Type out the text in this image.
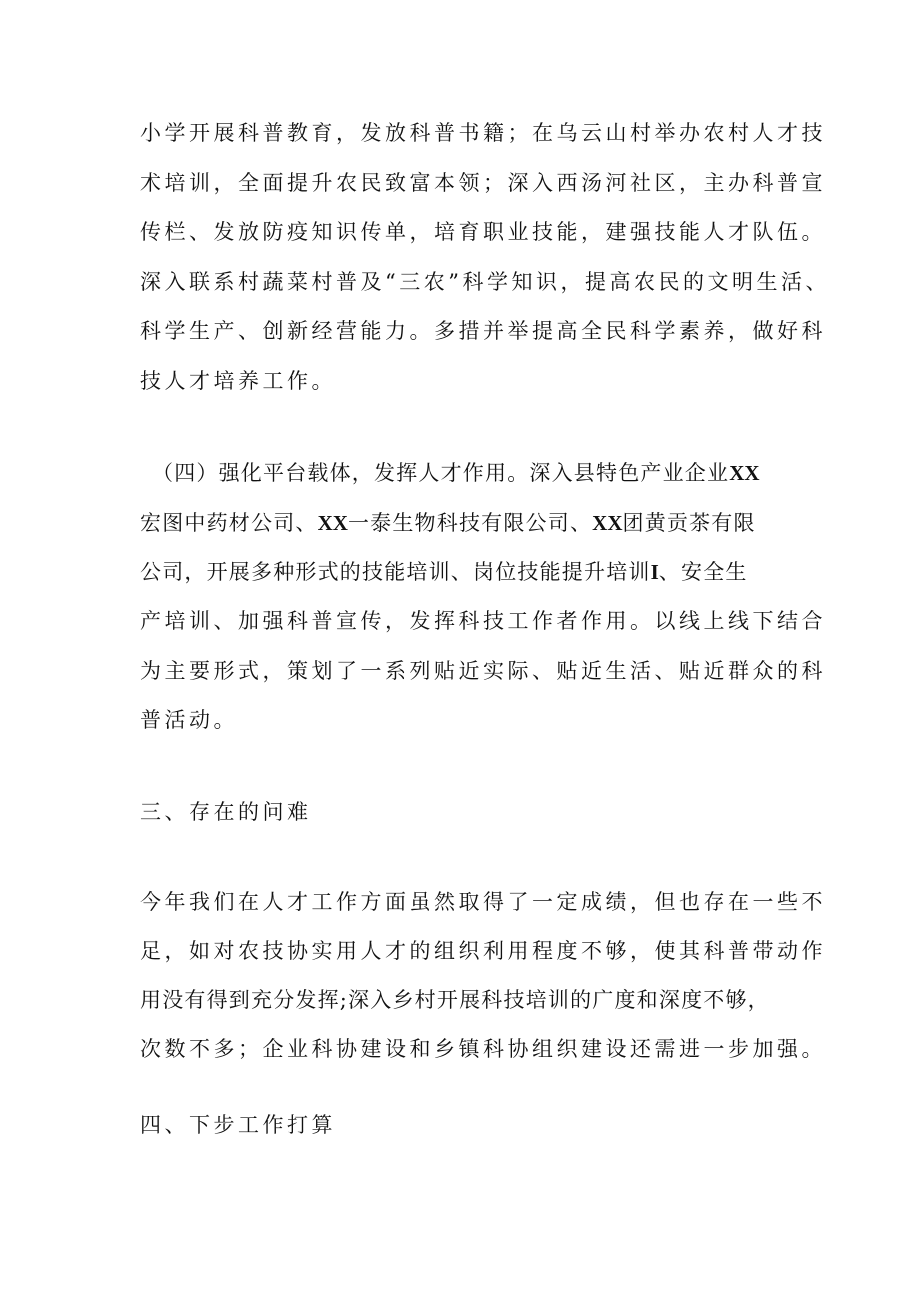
小学开展科普教育，发放科普书籍；在乌云山村举办农村人才技
术培训，全面提升农民致富本领；深入西汤河社区，主办科普宣
传栏、发放防疫知识传单，培育职业技能，建强技能人才队伍。
深入联系村蔬菜村普及“三农”科学知识，提高农民的文明生活、
科学生产、创新经营能力。多措并举提高全民科学素养，做好科
技人才培养工作。
（四）强化平台载体，发挥人才作用。深入县特色产业企业XX
宏图中药材公司、XX一泰生物科技有限公司、XX团黄贡茶有限
公司，开展多种形式的技能培训、岗位技能提升培训I、安全生
产培训、加强科普宣传，发挥科技工作者作用。以线上线下结合
为主要形式，策划了一系列贴近实际、贴近生活、贴近群众的科
普活动。
三、存在的问难
今年我们在人才工作方面虽然取得了一定成绩，但也存在一些不
足，如对农技协实用人才的组织利用程度不够，使其科普带动作
用没有得到充分发挥;深入乡村开展科技培训的广度和深度不够，
次数不多；企业科协建设和乡镇科协组织建设还需进一步加强。
四、下步工作打算
